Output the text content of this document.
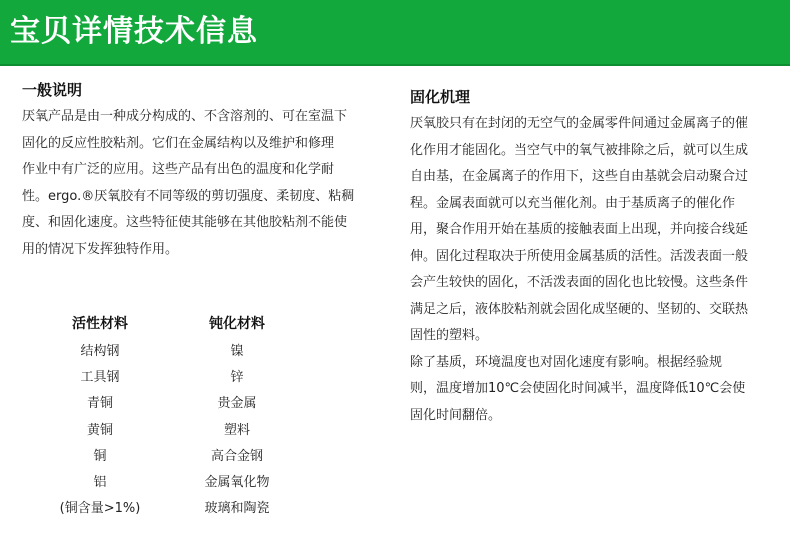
宝贝详情技术信息
一般说明
厌氧产品是由一种成分构成的、不含溶剂的、可在室温下
固化的反应性胶粘剂。它们在金属结构以及维护和修理
作业中有广泛的应用。这些产品有出色的温度和化学耐
性。ergo.®厌氧胶有不同等级的剪切强度、柔韧度、粘稠
度、和固化速度。这些特征使其能够在其他胶粘剂不能使
用的情况下发挥独特作用。
活性材料
结构钢
工具钢
青铜
黄铜
铜
铝
(铜含量>1%)
钝化材料
镍
锌
贵金属
塑料
高合金钢
金属氧化物
玻璃和陶瓷
固化机理
厌氧胶只有在封闭的无空气的金属零件间通过金属离子的催
化作用才能固化。当空气中的氧气被排除之后，就可以生成
自由基，在金属离子的作用下，这些自由基就会启动聚合过
程。金属表面就可以充当催化剂。由于基质离子的催化作
用，聚合作用开始在基质的接触表面上出现，并向接合线延
伸。固化过程取决于所使用金属基质的活性。活泼表面一般
会产生较快的固化，不活泼表面的固化也比较慢。这些条件
满足之后，液体胶粘剂就会固化成坚硬的、坚韧的、交联热
固性的塑料。
除了基质，环境温度也对固化速度有影响。根据经验规
则，温度增加10℃会使固化时间减半，温度降低10℃会使
固化时间翻倍。
